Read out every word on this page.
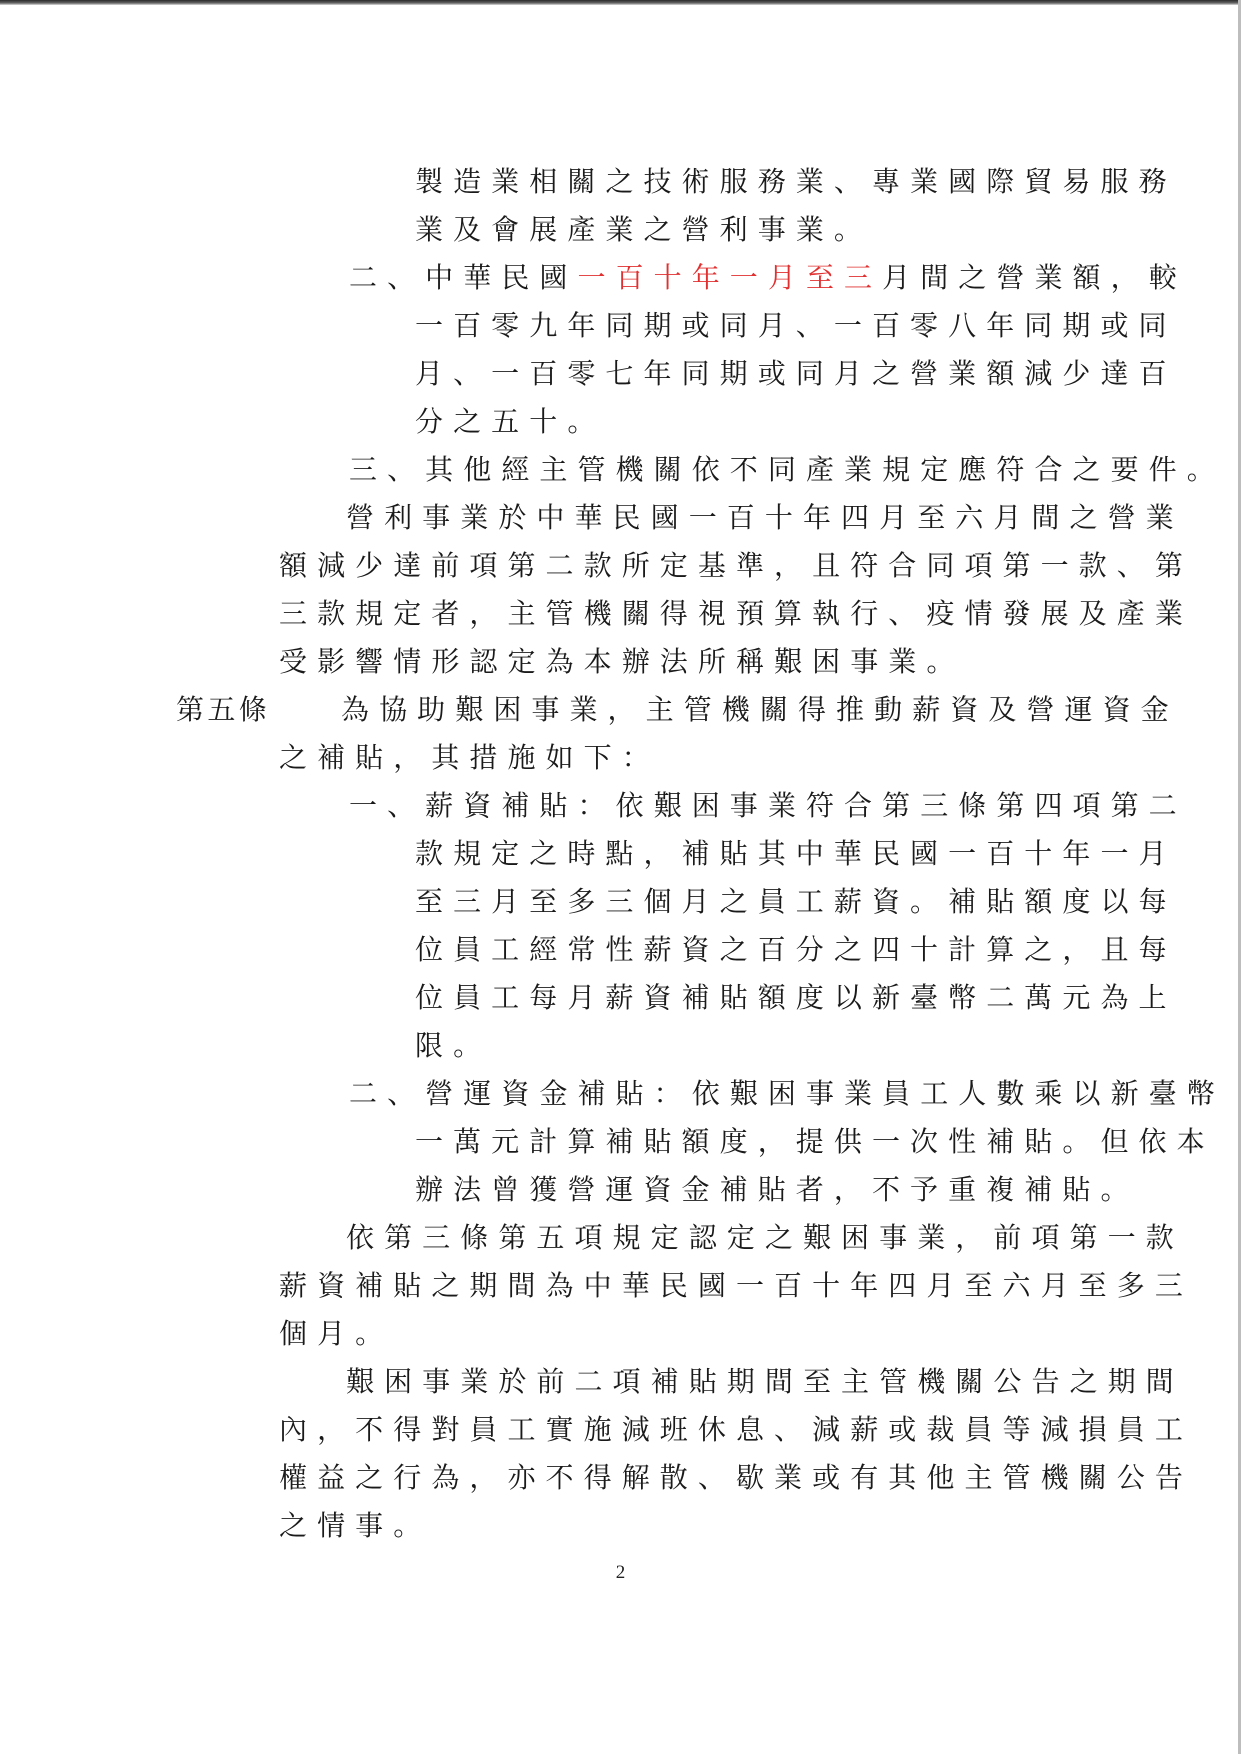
製造業相關之技術服務業、專業國際貿易服務
業及會展產業之營利事業。
二、中華民國一百十年一月至三月間之營業額，較
一百零九年同期或同月、一百零八年同期或同
月、一百零七年同期或同月之營業額減少達百
分之五十。
三、其他經主管機關依不同產業規定應符合之要件。
營利事業於中華民國一百十年四月至六月間之營業
額減少達前項第二款所定基準，且符合同項第一款、第
三款規定者，主管機關得視預算執行、疫情發展及產業
受影響情形認定為本辦法所稱艱困事業。
第五條	為協助艱困事業，主管機關得推動薪資及營運資金
之補貼，其措施如下：
一、薪資補貼：依艱困事業符合第三條第四項第二
款規定之時點，補貼其中華民國一百十年一月
至三月至多三個月之員工薪資。補貼額度以每
位員工經常性薪資之百分之四十計算之，且每
位員工每月薪資補貼額度以新臺幣二萬元為上
限。
二、營運資金補貼：依艱困事業員工人數乘以新臺幣
一萬元計算補貼額度，提供一次性補貼。但依本
辦法曾獲營運資金補貼者，不予重複補貼。
依第三條第五項規定認定之艱困事業，前項第一款
薪資補貼之期間為中華民國一百十年四月至六月至多三
個月。
艱困事業於前二項補貼期間至主管機關公告之期間
內，不得對員工實施減班休息、減薪或裁員等減損員工
權益之行為，亦不得解散、歇業或有其他主管機關公告
之情事。
2
